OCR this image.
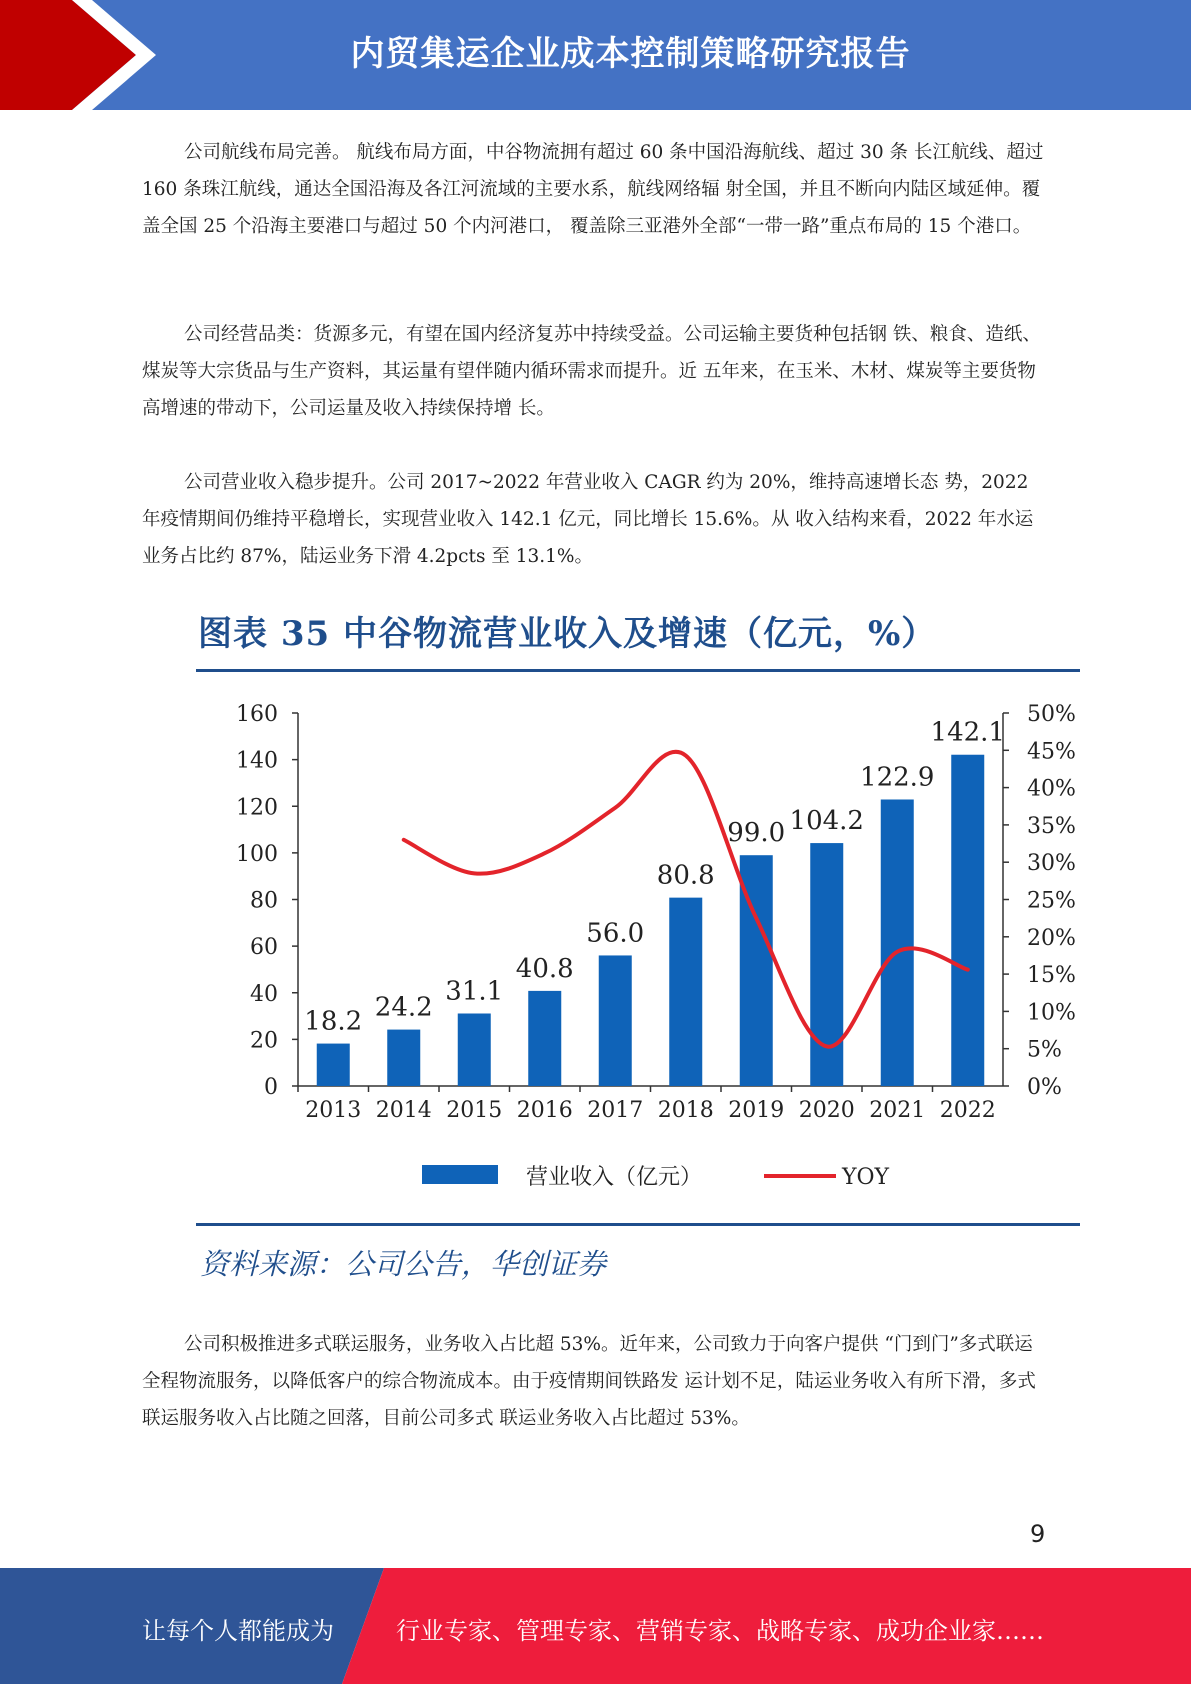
内贸集运企业成本控制策略研究报告

公司航线布局完善。 航线布局方面，中谷物流拥有超过 60 条中国沿海航线、超过 30 条 长江航线、超过 160 条珠江航线，通达全国沿海及各江河流域的主要水系，航线网络辐 射全国，并且不断向内陆区域延伸。覆盖全国 25 个沿海主要港口与超过 50 个内河港口， 覆盖除三亚港外全部“一带一路”重点布局的 15 个港口。

公司经营品类：货源多元，有望在国内经济复苏中持续受益。公司运输主要货种包括钢 铁、粮食、造纸、煤炭等大宗货品与生产资料，其运量有望伴随内循环需求而提升。近 五年来，在玉米、木材、煤炭等主要货物高增速的带动下，公司运量及收入持续保持增 长。

公司营业收入稳步提升。公司 2017~2022 年营业收入 CAGR 约为 20%，维持高速增长态 势，2022 年疫情期间仍维持平稳增长，实现营业收入 142.1 亿元，同比增长 15.6%。从 收入结构来看，2022 年水运业务占比约 87%，陆运业务下滑 4.2pcts 至 13.1%。

图表 35 中谷物流营业收入及增速（亿元，%）
0
20
40
60
80
100
120
140
160
0%
5%
10%
15%
20%
25%
30%
35%
40%
45%
50%
2013
18.2
2014
24.2
2015
31.1
2016
40.8
2017
56.0
2018
80.8
2019
99.0
2020
104.2
2021
122.9
2022
142.1
营业收入（亿元）	YOY
资料来源：公司公告，华创证券

公司积极推进多式联运服务，业务收入占比超 53%。近年来，公司致力于向客户提供 “门到门”多式联运全程物流服务，以降低客户的综合物流成本。由于疫情期间铁路发 运计划不足，陆运业务收入有所下滑，多式联运服务收入占比随之回落，目前公司多式 联运业务收入占比超过 53%。

9
让每个人都能成为	行业专家、管理专家、营销专家、战略专家、成功企业家……
